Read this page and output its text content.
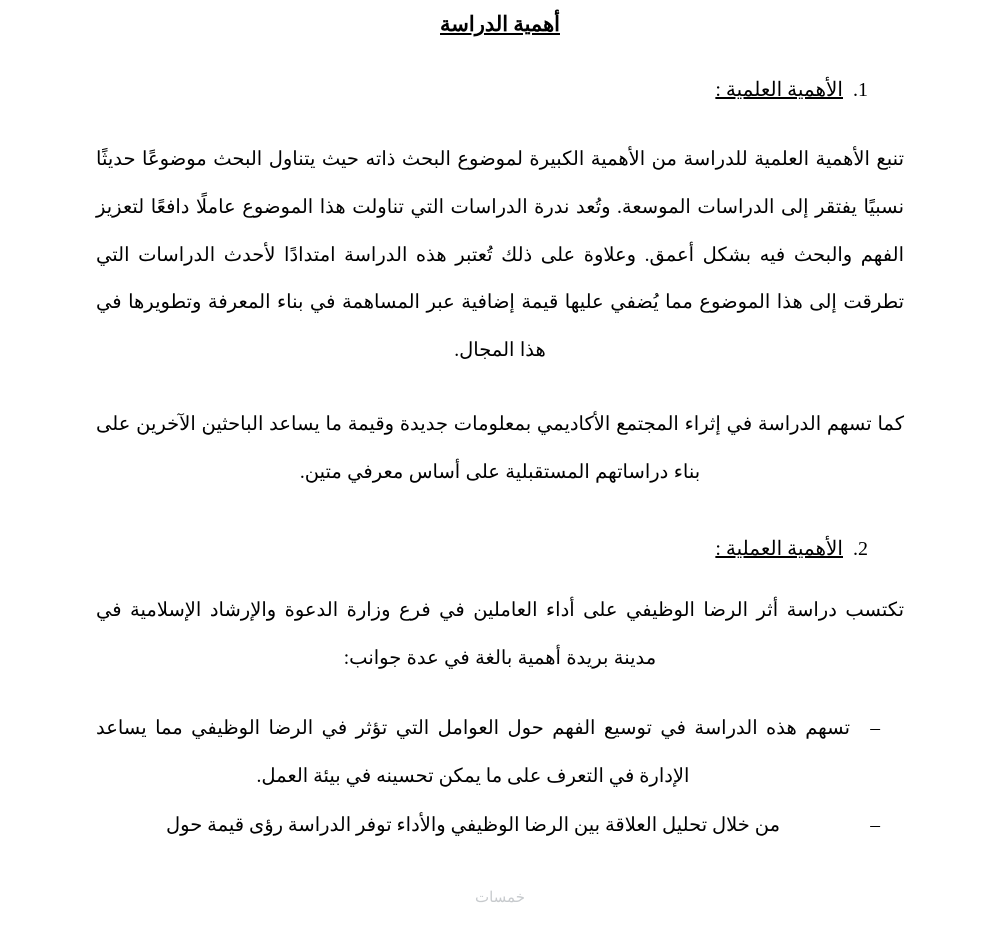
أهمية الدراسة
1.
الأهمية العلمية :

تنبع الأهمية العلمية للدراسة من الأهمية الكبيرة لموضوع البحث ذاته حيث يتناول البحث موضوعًا حديثًا نسبيًا يفتقر إلى الدراسات الموسعة. وتُعد ندرة الدراسات التي تناولت هذا الموضوع عاملًا دافعًا لتعزيز الفهم والبحث فيه بشكل أعمق. وعلاوة على ذلك تُعتبر هذه الدراسة امتدادًا لأحدث الدراسات التي تطرقت إلى هذا الموضوع مما يُضفي عليها قيمة إضافية عبر المساهمة في بناء المعرفة وتطويرها في هذا المجال.

كما تسهم الدراسة في إثراء المجتمع الأكاديمي بمعلومات جديدة وقيمة ما يساعد الباحثين الآخرين على بناء دراساتهم المستقبلية على أساس معرفي متين.

2.
الأهمية العملية :

تكتسب دراسة أثر الرضا الوظيفي على أداء العاملين في فرع وزارة الدعوة والإرشاد الإسلامية في مدينة بريدة أهمية بالغة في عدة جوانب:

– تسهم هذه الدراسة في توسيع الفهم حول العوامل التي تؤثر في الرضا الوظيفي مما يساعد الإدارة في التعرف على ما يمكن تحسينه في بيئة العمل.
– من خلال تحليل العلاقة بين الرضا الوظيفي والأداء توفر الدراسة رؤى قيمة حول
خمسات
